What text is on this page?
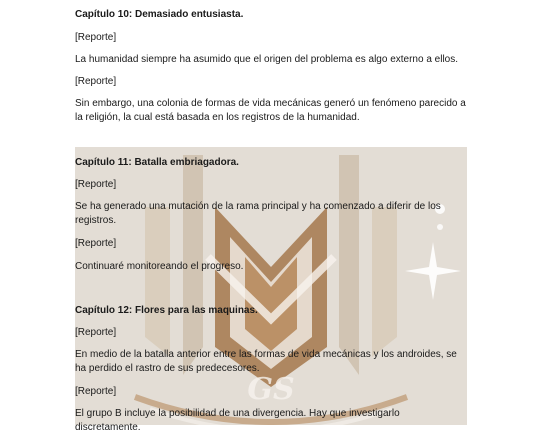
GS
Capítulo 10: Demasiado entusiasta.
[Reporte]
La humanidad siempre ha asumido que el origen del problema es algo externo a ellos.
[Reporte]
Sin embargo, una colonia de formas de vida mecánicas generó un fenómeno parecido a la religión, la cual está basada en los registros de la humanidad.
Capítulo 11: Batalla embriagadora.
[Reporte]
Se ha generado una mutación de la rama principal y ha comenzado a diferir de los registros.
[Reporte]
Continuaré monitoreando el progreso.
Capítulo 12: Flores para las maquinas.
[Reporte]
En medio de la batalla anterior entre las formas de vida mecánicas y los androides, se ha perdido el rastro de sus predecesores.
[Reporte]
El grupo B incluye la posibilidad de una divergencia. Hay que investigarlo discretamente.
